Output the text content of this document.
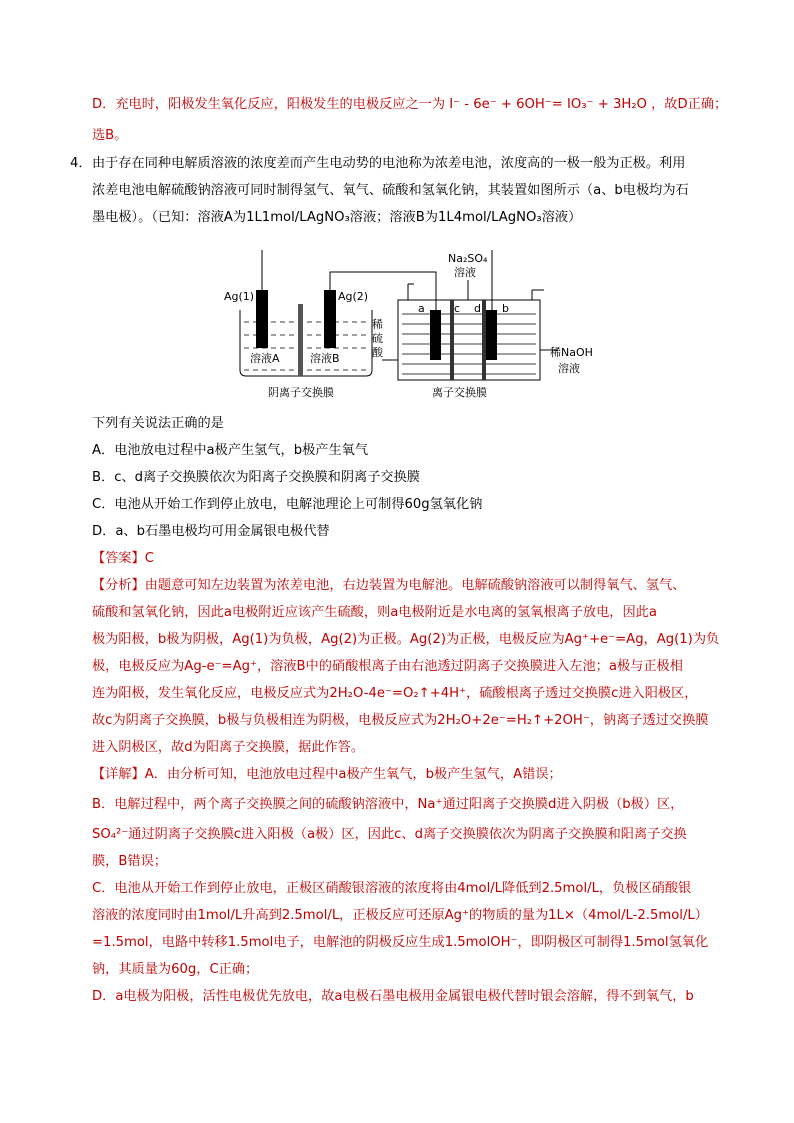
D．充电时，阳极发生氧化反应，阳极发生的电极反应之一为 I⁻ - 6e⁻ + 6OH⁻= IO₃⁻ + 3H₂O ，故D正确；
选B。
4． 由于存在同种电解质溶液的浓度差而产生电动势的电池称为浓差电池，浓度高的一极一般为正极。利用
浓差电池电解硫酸钠溶液可同时制得氢气、氧气、硫酸和氢氧化钠，其装置如图所示（a、b电极均为石
墨电极）。（已知：溶液A为1L1mol/LAgNO₃溶液；溶液B为1L4mol/LAgNO₃溶液）
Ag(1)	Ag(2)
溶液A	溶液B
阴离子交换膜
稀
硫
酸
Na₂SO₄
溶液
a	c d b
稀NaOH
溶液
离子交换膜
下列有关说法正确的是
A．电池放电过程中a极产生氢气，b极产生氧气
B．c、d离子交换膜依次为阳离子交换膜和阴离子交换膜
C．电池从开始工作到停止放电，电解池理论上可制得60g氢氧化钠
D．a、b石墨电极均可用金属银电极代替
【答案】C
【分析】由题意可知左边装置为浓差电池，右边装置为电解池。电解硫酸钠溶液可以制得氧气、氢气、
硫酸和氢氧化钠，因此a电极附近应该产生硫酸，则a电极附近是水电离的氢氧根离子放电，因此a
极为阳极，b极为阴极，Ag(1)为负极，Ag(2)为正极。Ag(2)为正极，电极反应为Ag⁺+e⁻=Ag，Ag(1)为负
极，电极反应为Ag-e⁻=Ag⁺，溶液B中的硝酸根离子由右池透过阴离子交换膜进入左池；a极与正极相
连为阳极，发生氧化反应，电极反应式为2H₂O-4e⁻=O₂↑+4H⁺，硫酸根离子透过交换膜c进入阳极区，
故c为阴离子交换膜，b极与负极相连为阴极，电极反应式为2H₂O+2e⁻=H₂↑+2OH⁻，钠离子透过交换膜
进入阴极区，故d为阳离子交换膜，据此作答。
【详解】A．由分析可知，电池放电过程中a极产生氧气，b极产生氢气，A错误；
B．电解过程中，两个离子交换膜之间的硫酸钠溶液中，Na⁺通过阳离子交换膜d进入阴极（b极）区，
SO₄²⁻通过阴离子交换膜c进入阳极（a极）区，因此c、d离子交换膜依次为阴离子交换膜和阳离子交换
膜，B错误；
C．电池从开始工作到停止放电，正极区硝酸银溶液的浓度将由4mol/L降低到2.5mol/L，负极区硝酸银
溶液的浓度同时由1mol/L升高到2.5mol/L，正极反应可还原Ag⁺的物质的量为1L×（4mol/L-2.5mol/L）
=1.5mol，电路中转移1.5mol电子，电解池的阴极反应生成1.5molOH⁻，即阴极区可制得1.5mol氢氧化
钠，其质量为60g，C正确；
D．a电极为阳极，活性电极优先放电，故a电极石墨电极用金属银电极代替时银会溶解，得不到氧气，b
